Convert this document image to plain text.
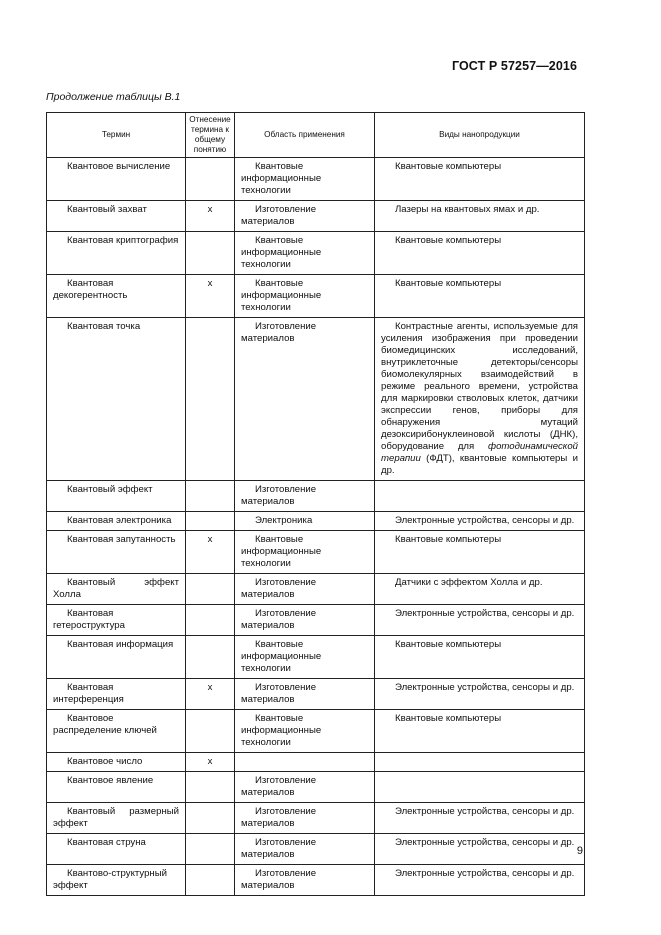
ГОСТ Р 57257—2016
Продолжение таблицы В.1
Термин	Отнесение термина к общему понятию	Область применения	Виды нанопродукции
Квантовое вычисление		Квантовые информационные технологии	Квантовые компьютеры
Квантовый захват	х	Изготовление материалов	Лазеры на квантовых ямах и др.
Квантовая криптография		Квантовые информационные технологии	Квантовые компьютеры
Квантовая декогерентность	х	Квантовые информационные технологии	Квантовые компьютеры
Квантовая точка		Изготовление материалов	Контрастные агенты, используемые для усиления изображения при проведении биомедицинских исследований, внутриклеточные детекторы/сенсоры биомолекулярных взаимодействий в режиме реального времени, устройства для маркировки стволовых клеток, датчики экспрессии генов, приборы для обнаружения мутаций дезоксирибонуклеиновой кислоты (ДНК), оборудование для фотодинамической терапии (ФДТ), квантовые компьютеры и др.
Квантовый эффект		Изготовление материалов	
Квантовая электроника		Электроника	Электронные устройства, сенсоры и др.
Квантовая запутанность	х	Квантовые информационные технологии	Квантовые компьютеры
Квантовый эффект Холла		Изготовление материалов	Датчики с эффектом Холла и др.
Квантовая гетероструктура		Изготовление материалов	Электронные устройства, сенсоры и др.
Квантовая информация		Квантовые информационные технологии	Квантовые компьютеры
Квантовая интерференция	х	Изготовление материалов	Электронные устройства, сенсоры и др.
Квантовое распределение ключей		Квантовые информационные технологии	Квантовые компьютеры
Квантовое число	х		
Квантовое явление		Изготовление материалов	
Квантовый размерный эффект		Изготовление материалов	Электронные устройства, сенсоры и др.
Квантовая струна		Изготовление материалов	Электронные устройства, сенсоры и др.
Квантово-структурный эффект		Изготовление материалов	Электронные устройства, сенсоры и др.
9
